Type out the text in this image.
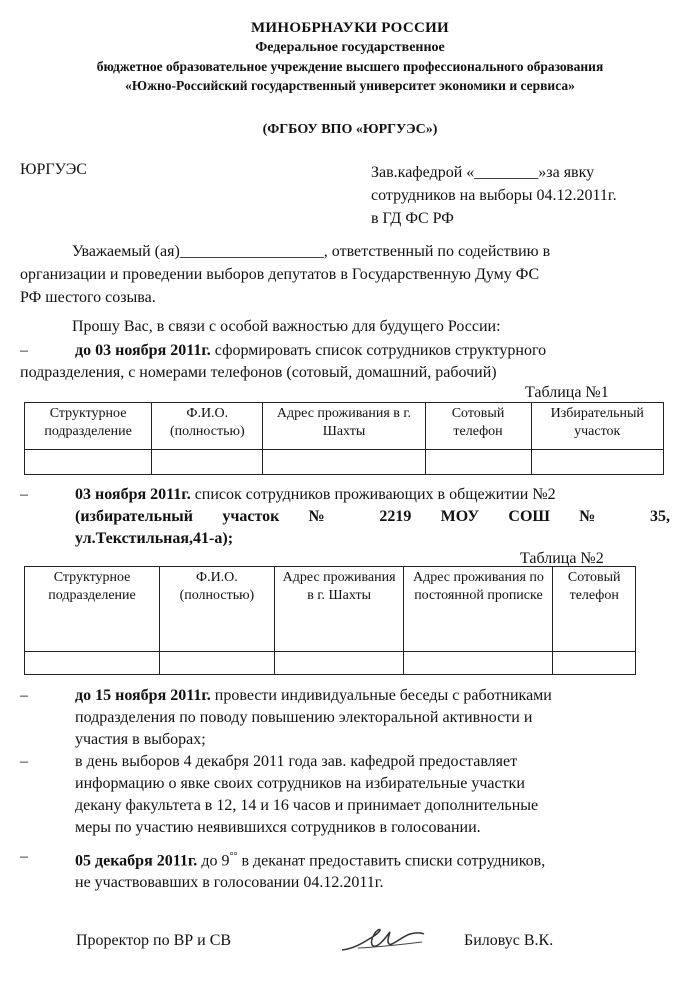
МИНОБРНАУКИ РОССИИ
Федеральное государственное
бюджетное образовательное учреждение высшего профессионального образования
«Южно-Российский государственный университет экономики и сервиса»
(ФГБОУ ВПО «ЮРГУЭС»)
ЮРГУЭС	Зав.кафедрой «________»за явку
сотрудников на выборы 04.12.2011г.
в ГД ФС РФ
Уважаемый (ая)__________________, ответственный по содействию в
организации и проведении выборов депутатов в Государственную Думу ФС
РФ шестого созыва.
Прошу Вас, в связи с особой важностью для будущего России:
–	до 03 ноября 2011г. сформировать список сотрудников структурного
подразделения, с номерами телефонов (сотовый, домашний, рабочий)
Таблица №1
Структурное подразделение	Ф.И.О. (полностью)	Адрес проживания в г. Шахты	Сотовый телефон	Избирательный участок

–	03 ноября 2011г. список сотрудников проживающих в общежитии №2
(избирательный участок № 2219 МОУ СОШ № 35,
ул.Текстильная,41-а);
Таблица №2
Структурное подразделение	Ф.И.О. (полностью)	Адрес проживания в г. Шахты	Адрес проживания по постоянной прописке	Сотовый телефон

–	до 15 ноября 2011г. провести индивидуальные беседы с работниками
подразделения по поводу повышению электоральной активности и
участия в выборах;
–	в день выборов 4 декабря 2011 года зав. кафедрой предоставляет
информацию о явке своих сотрудников на избирательные участки
декану факультета в 12, 14 и 16 часов и принимает дополнительные
меры по участию неявившихся сотрудников в голосовании.
–	05 декабря 2011г. до 9°° в деканат предоставить списки сотрудников,
не участвовавших в голосовании 04.12.2011г.
Проректор по ВР и СВ	Биловус В.К.
